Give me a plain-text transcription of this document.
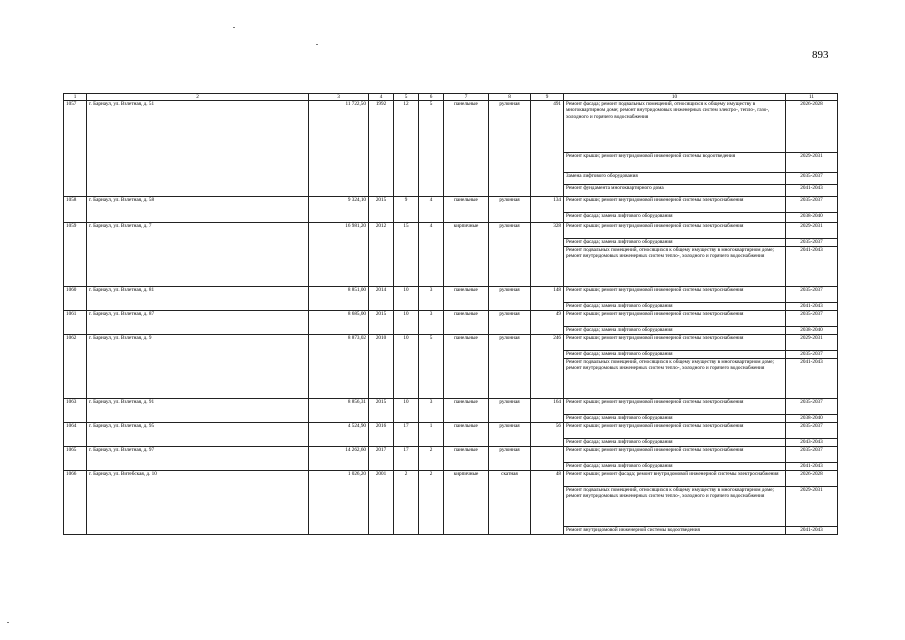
893
1	2	3	4	5	6	7	8	9	10	11
1057	г. Барнаул, ул. Взлетная, д. 51	11 722,50	1992	12	5	панельные	рулонная	491	Ремонт фасада; ремонт подвальных помещений, относящихся к общему имуществу в многоквартирном доме; ремонт внутридомовых инженерных систем электро-, тепло-, газо-, холодного и горячего водоснабжения	2026-2028
									Ремонт крыши; ремонт внутридомовой инженерной системы водоотведения	2029-2031
									Замена лифтового оборудования	2035-2037
									Ремонт фундамента многоквартирного дома	2041-2043
1058	г. Барнаул, ул. Взлетная, д. 58	9 324,10	2015	9	4	панельные	рулонная	134	Ремонт крыши; ремонт внутридомовой инженерной системы электроснабжения	2035-2037
									Ремонт фасада; замена лифтового оборудования	2038-2040
1059	г. Барнаул, ул. Взлетная, д. 7	16 981,20	2012	15	4	кирпичные	рулонная	328	Ремонт крыши; ремонт внутридомовой инженерной системы электроснабжения	2029-2031
									Ремонт фасада; замена лифтового оборудования	2035-2037
									Ремонт подвальных помещений, относящихся к общему имуществу в многоквартирном доме; ремонт внутридомовых инженерных систем тепло-, холодного и горячего водоснабжения	2041-2043
1060	г. Барнаул, ул. Взлетная, д. 81	8 851,00	2014	10	3	панельные	рулонная	148	Ремонт крыши; ремонт внутридомовой инженерной системы электроснабжения	2035-2037
									Ремонт фасада; замена лифтового оборудования	2041-2043
1061	г. Барнаул, ул. Взлетная, д. 87	8 685,00	2015	10	3	панельные	рулонная	49	Ремонт крыши; ремонт внутридомовой инженерной системы электроснабжения	2035-2037
									Ремонт фасада; замена лифтового оборудования	2038-2040
1062	г. Барнаул, ул. Взлетная, д. 9	8 873,02	2010	10	5	панельные	рулонная	246	Ремонт крыши; ремонт внутридомовой инженерной системы электроснабжения	2029-2031
									Ремонт фасада; замена лифтового оборудования	2035-2037
									Ремонт подвальных помещений, относящихся к общему имуществу в многоквартирном доме; ремонт внутридомовых инженерных систем тепло-, холодного и горячего водоснабжения	2041-2043
1063	г. Барнаул, ул. Взлетная, д. 91	8 856,31	2015	10	3	панельные	рулонная	164	Ремонт крыши; ремонт внутридомовой инженерной системы электроснабжения	2035-2037
									Ремонт фасада; замена лифтового оборудования	2038-2040
1064	г. Барнаул, ул. Взлетная, д. 95	4 524,90	2016	17	1	панельные	рулонная	56	Ремонт крыши; ремонт внутридомовой инженерной системы электроснабжения	2035-2037
									Ремонт фасада; замена лифтового оборудования	2043-2043
1065	г. Барнаул, ул. Взлетная, д. 97	14 262,60	2017	17	2	панельные	рулонная		Ремонт крыши; ремонт внутридомовой инженерной системы электроснабжения	2035-2037
									Ремонт фасада; замена лифтового оборудования	2041-2043
1066	г. Барнаул, ул. Витебская, д. 10	1 026,20	2001	2	2	кирпичные	скатная	48	Ремонт крыши; ремонт фасада; ремонт внутридомовой инженерной системы электроснабжения	2026-2028
									Ремонт подвальных помещений, относящихся к общему имуществу в многоквартирном доме; ремонт внутридомовых инженерных систем тепло-, холодного и горячего водоснабжения	2029-2031
									Ремонт внутридомовой инженерной системы водоотведения	2041-2043
